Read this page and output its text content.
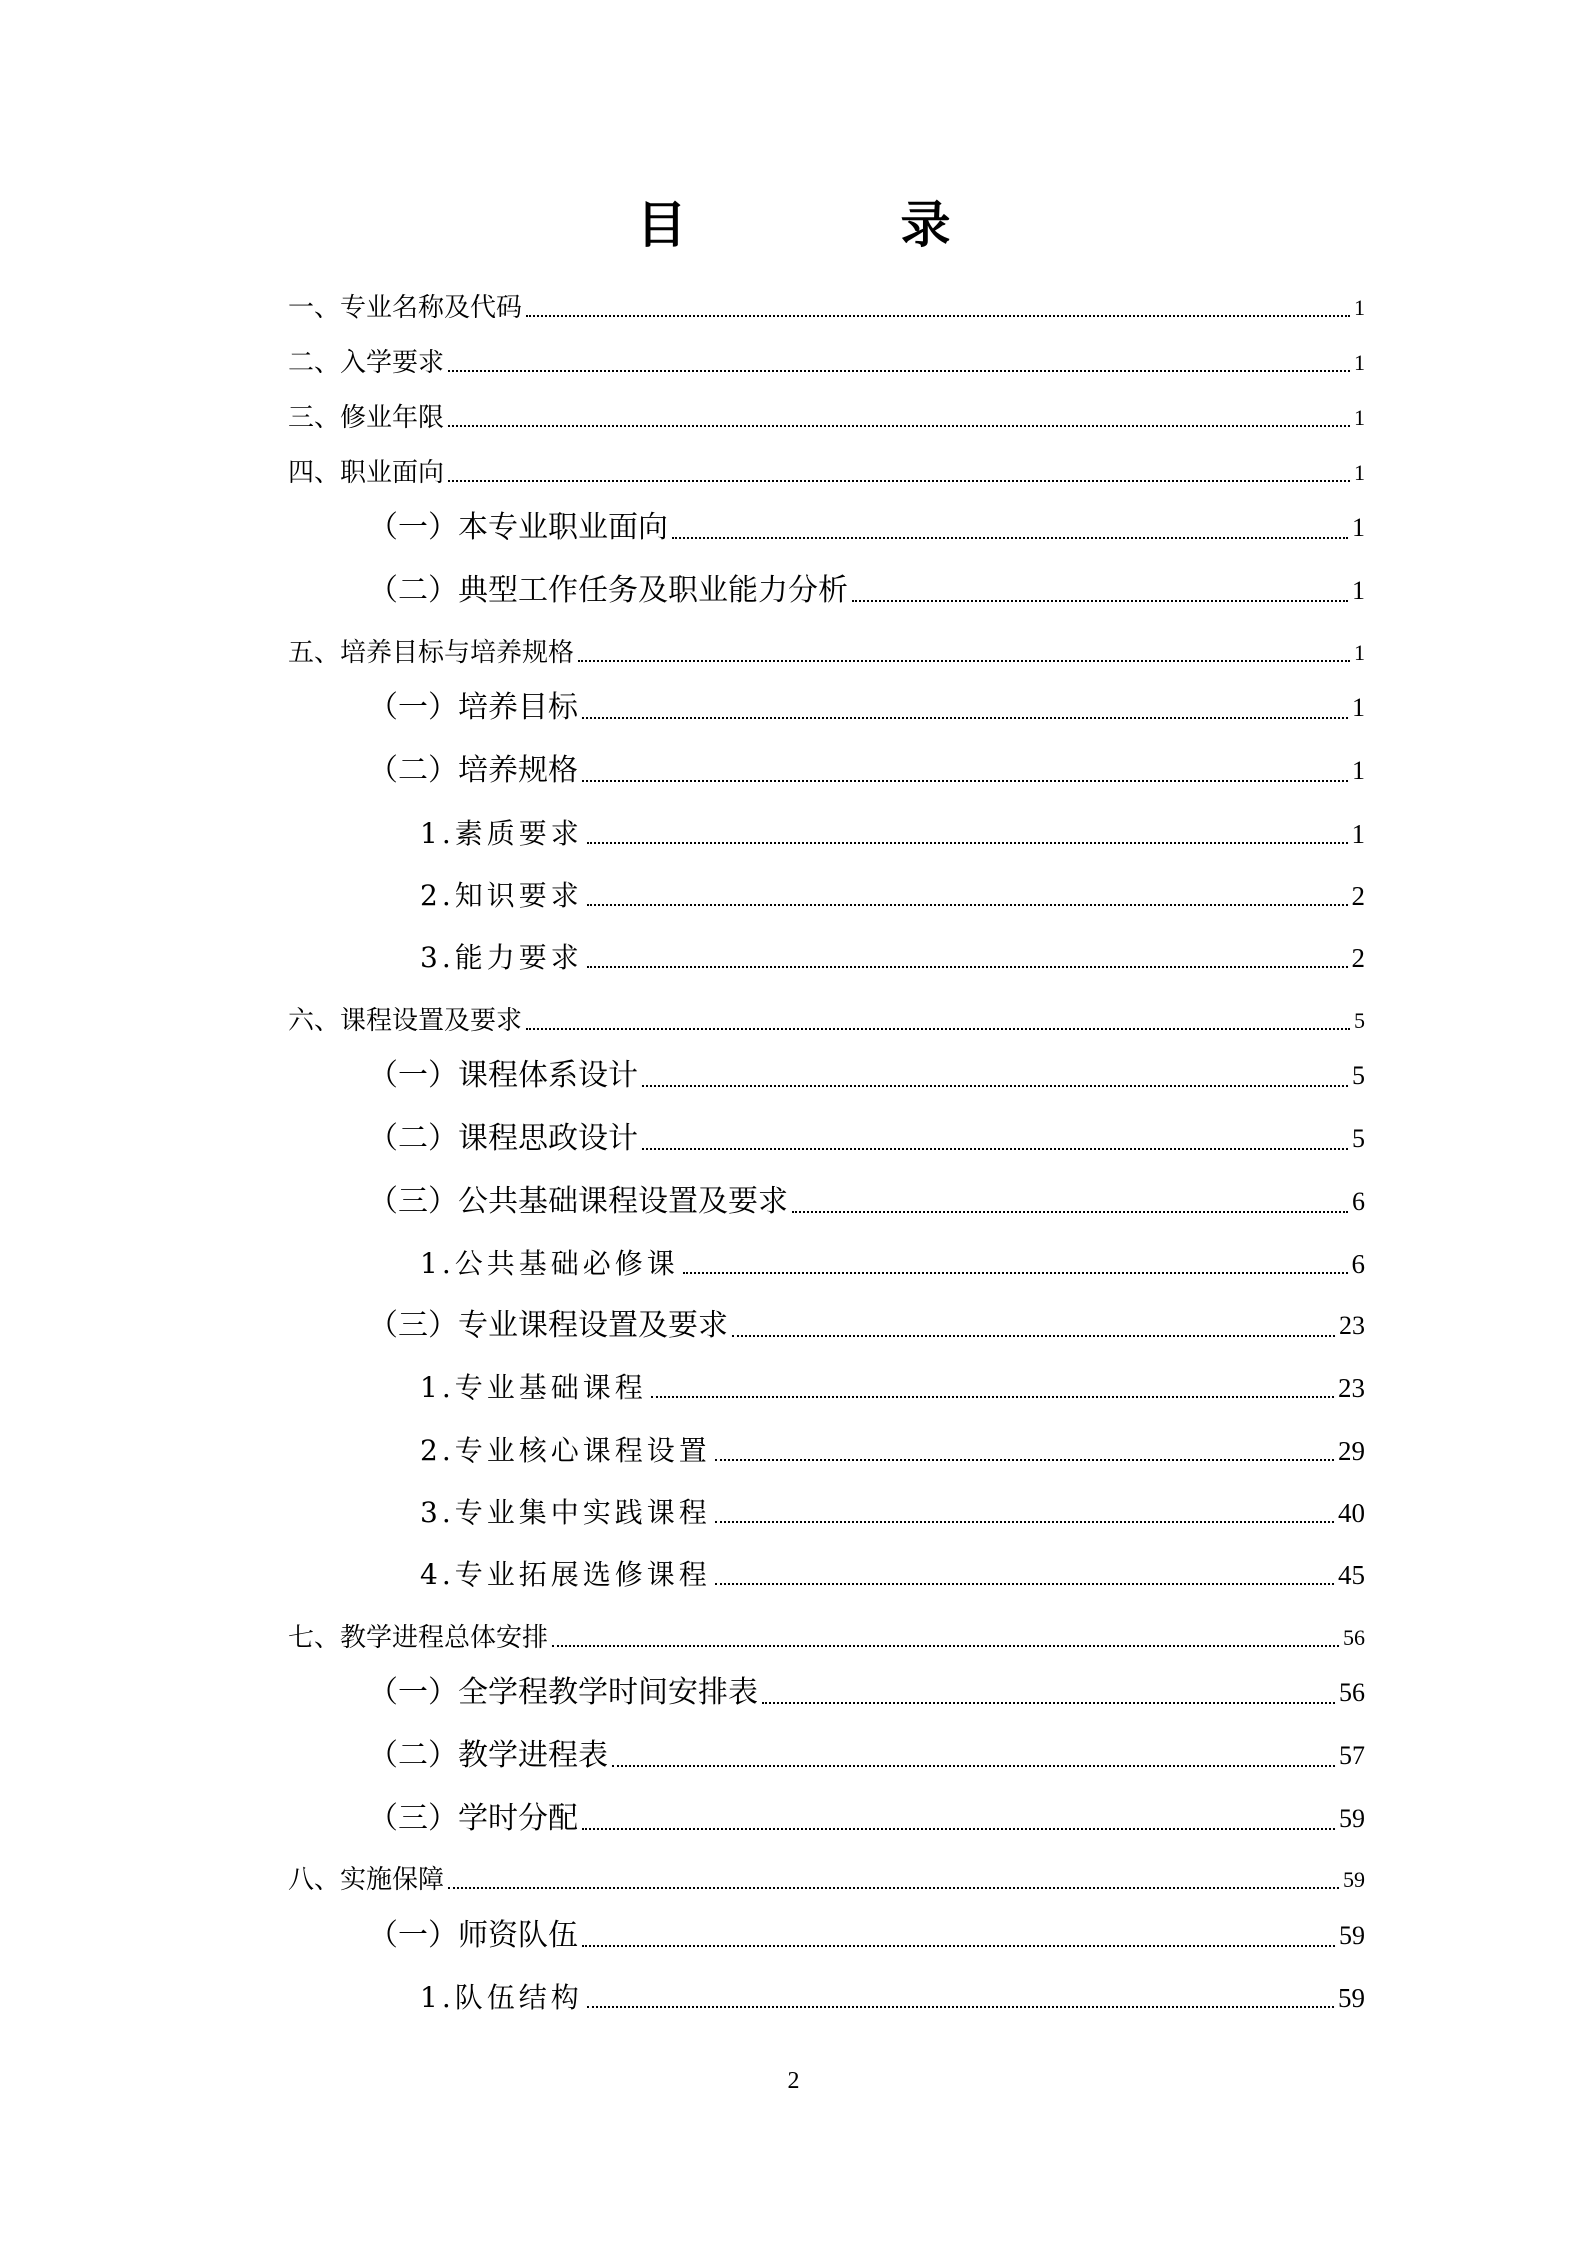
目　录
一、专业名称及代码	1
二、入学要求	1
三、修业年限	1
四、职业面向	1
（一）本专业职业面向	1
（二）典型工作任务及职业能力分析	1
五、培养目标与培养规格	1
（一）培养目标	1
（二）培养规格	1
1.素质要求	1
2.知识要求	2
3.能力要求	2
六、课程设置及要求	5
（一）课程体系设计	5
（二）课程思政设计	5
（三）公共基础课程设置及要求	6
1.公共基础必修课	6
（三）专业课程设置及要求	23
1.专业基础课程	23
2.专业核心课程设置	29
3.专业集中实践课程	40
4.专业拓展选修课程	45
七、教学进程总体安排	56
（一）全学程教学时间安排表	56
（二）教学进程表	57
（三）学时分配	59
八、实施保障	59
（一）师资队伍	59
1.队伍结构	59
2
